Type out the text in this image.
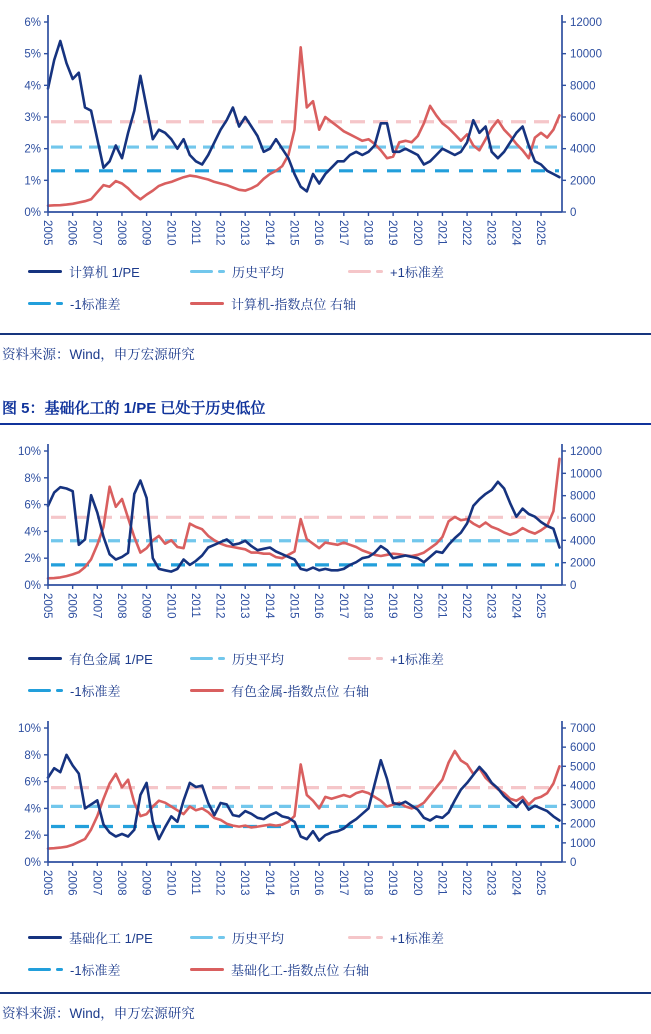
0%
1%
2%
3%
4%
5%
6%
0
2000
4000
6000
8000
10000
12000
2005 2006 2007 2008 2009 2010 2011 2012 2013 2014 2015 2016 2017 2018 2019 2020 2021 2022 2023 2024 2025
计算机 1/PE	历史平均	+1标准差
-1标准差	计算机-指数点位 右轴
资料来源：Wind，申万宏源研究
图 5：基础化工的 1/PE 已处于历史低位
0%
2%
4%
6%
8%
10%
0
2000
4000
6000
8000
10000
12000
2005 2006 2007 2008 2009 2010 2011 2012 2013 2014 2015 2016 2017 2018 2019 2020 2021 2022 2023 2024 2025
有色金属 1/PE	历史平均	+1标准差
-1标准差	有色金属-指数点位 右轴
0%
2%
4%
6%
8%
10%
0
1000
2000
3000
4000
5000
6000
7000
2005 2006 2007 2008 2009 2010 2011 2012 2013 2014 2015 2016 2017 2018 2019 2020 2021 2022 2023 2024 2025
基础化工 1/PE	历史平均	+1标准差
-1标准差	基础化工-指数点位 右轴
资料来源：Wind，申万宏源研究
